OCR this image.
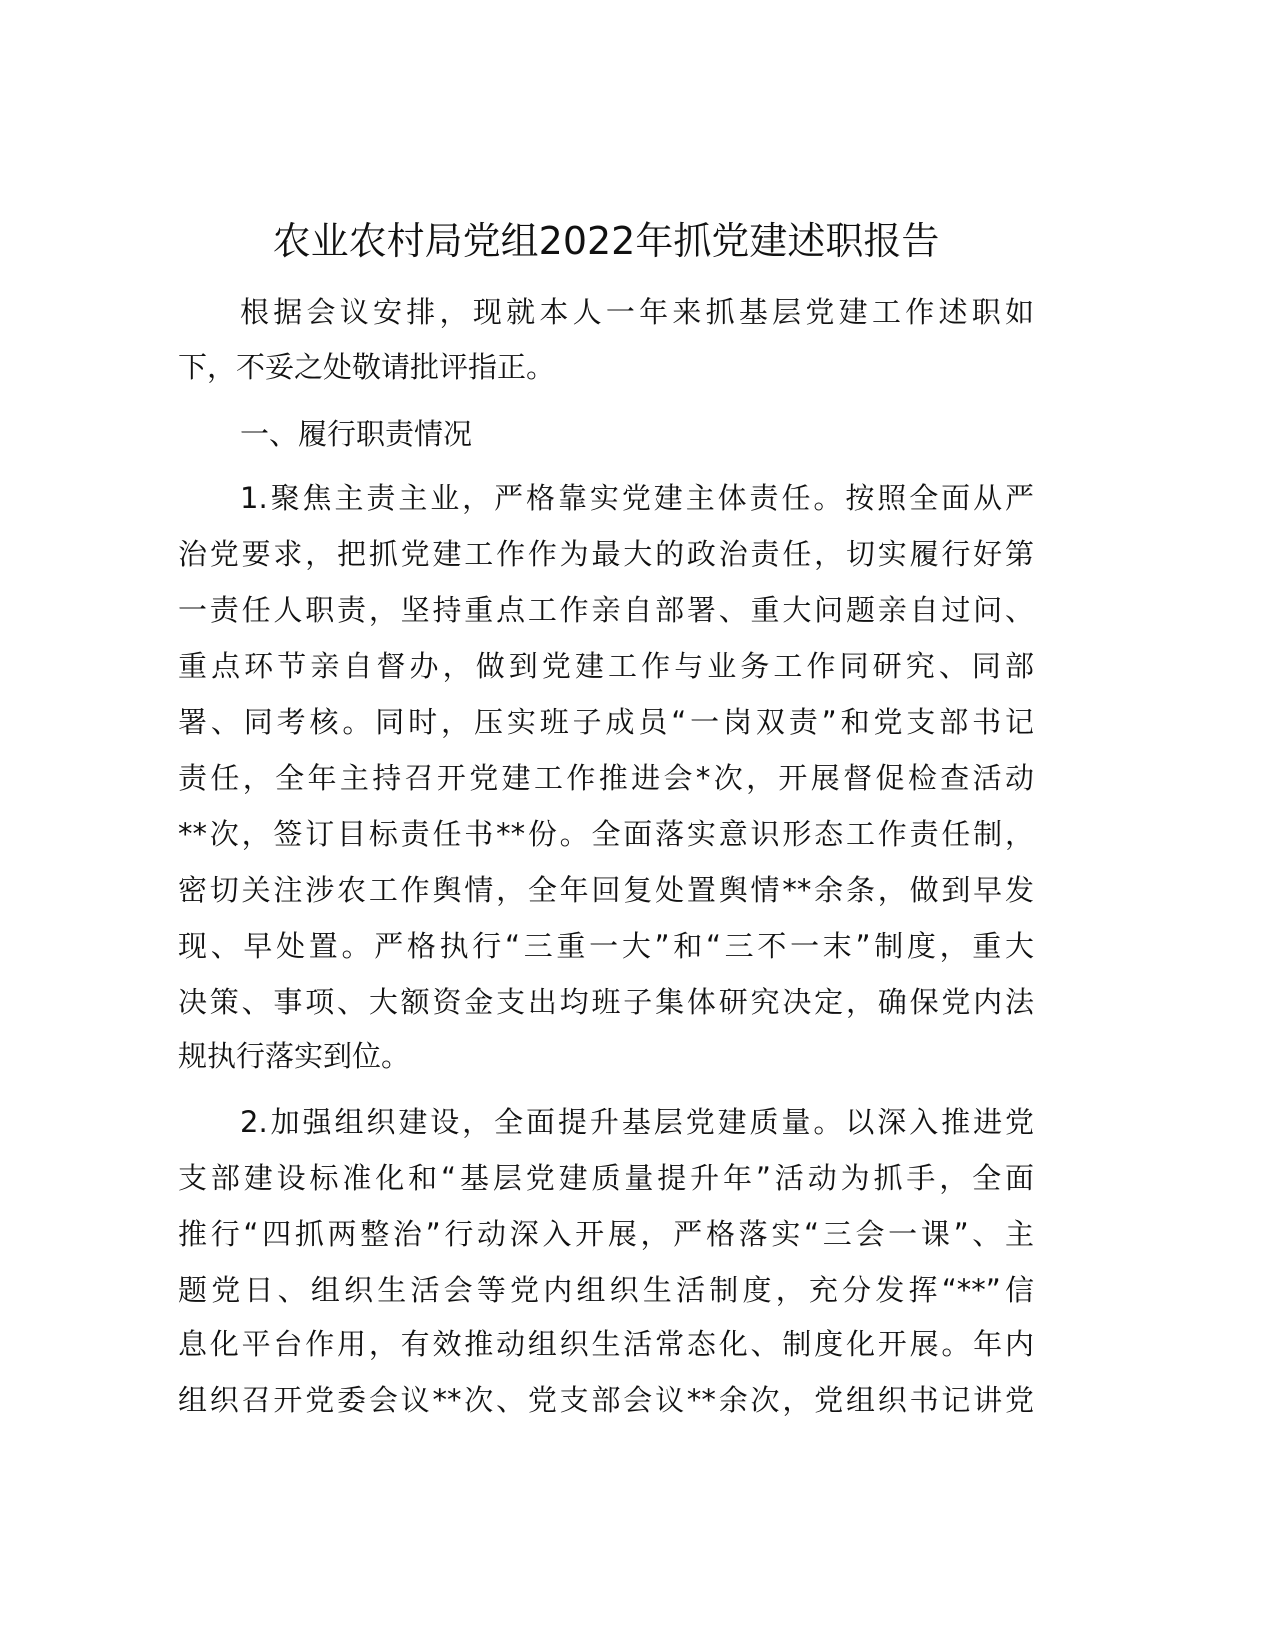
农业农村局党组2022年抓党建述职报告
根据会议安排，现就本人一年来抓基层党建工作述职如
下，不妥之处敬请批评指正。
一、履行职责情况
1.聚焦主责主业，严格靠实党建主体责任。按照全面从严
治党要求，把抓党建工作作为最大的政治责任，切实履行好第
一责任人职责，坚持重点工作亲自部署、重大问题亲自过问、
重点环节亲自督办，做到党建工作与业务工作同研究、同部
署、同考核。同时，压实班子成员“一岗双责”和党支部书记
责任，全年主持召开党建工作推进会*次，开展督促检查活动
**次，签订目标责任书**份。全面落实意识形态工作责任制，
密切关注涉农工作舆情，全年回复处置舆情**余条，做到早发
现、早处置。严格执行“三重一大”和“三不一末”制度，重大
决策、事项、大额资金支出均班子集体研究决定，确保党内法
规执行落实到位。
2.加强组织建设，全面提升基层党建质量。以深入推进党
支部建设标准化和“基层党建质量提升年”活动为抓手，全面
推行“四抓两整治”行动深入开展，严格落实“三会一课”、主
题党日、组织生活会等党内组织生活制度，充分发挥“**”信
息化平台作用，有效推动组织生活常态化、制度化开展。年内
组织召开党委会议**次、党支部会议**余次，党组织书记讲党
